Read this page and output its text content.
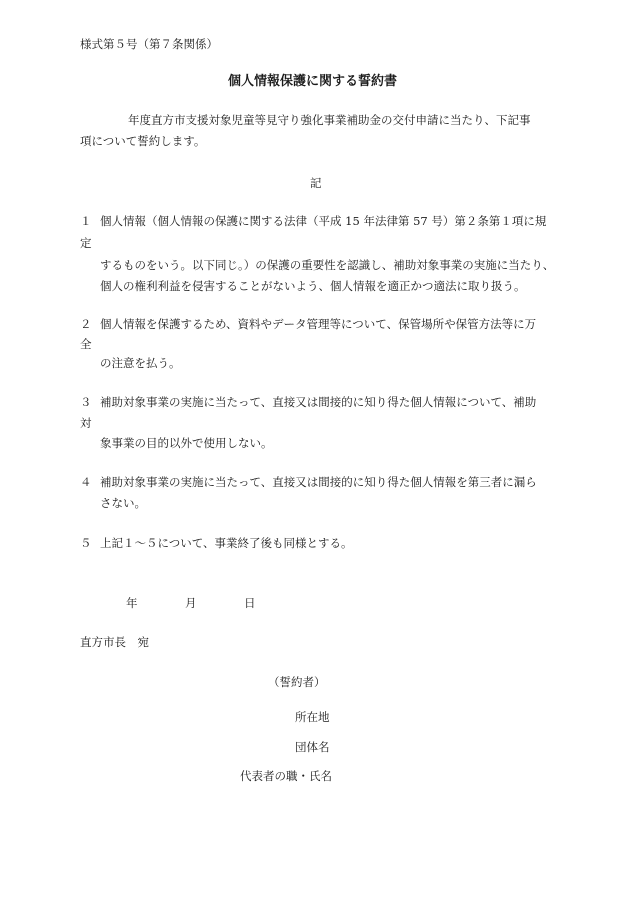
様式第５号（第７条関係）
個人情報保護に関する誓約書
年度直方市支援対象児童等見守り強化事業補助金の交付申請に当たり、下記事
項について誓約します。
記
１ 個人情報（個人情報の保護に関する法律（平成 15 年法律第 57 号）第２条第１項に規
定
するものをいう。以下同じ。）の保護の重要性を認識し、補助対象事業の実施に当たり、
個人の権利利益を侵害することがないよう、個人情報を適正かつ適法に取り扱う。
２ 個人情報を保護するため、資料やデータ管理等について、保管場所や保管方法等に万
全
の注意を払う。
３ 補助対象事業の実施に当たって、直接又は間接的に知り得た個人情報について、補助
対
象事業の目的以外で使用しない。
４ 補助対象事業の実施に当たって、直接又は間接的に知り得た個人情報を第三者に漏ら
さない。
５ 上記１～５について、事業終了後も同様とする。
年	月	日
直方市長　宛
（誓約者）
所在地
団体名
代表者の職・氏名
